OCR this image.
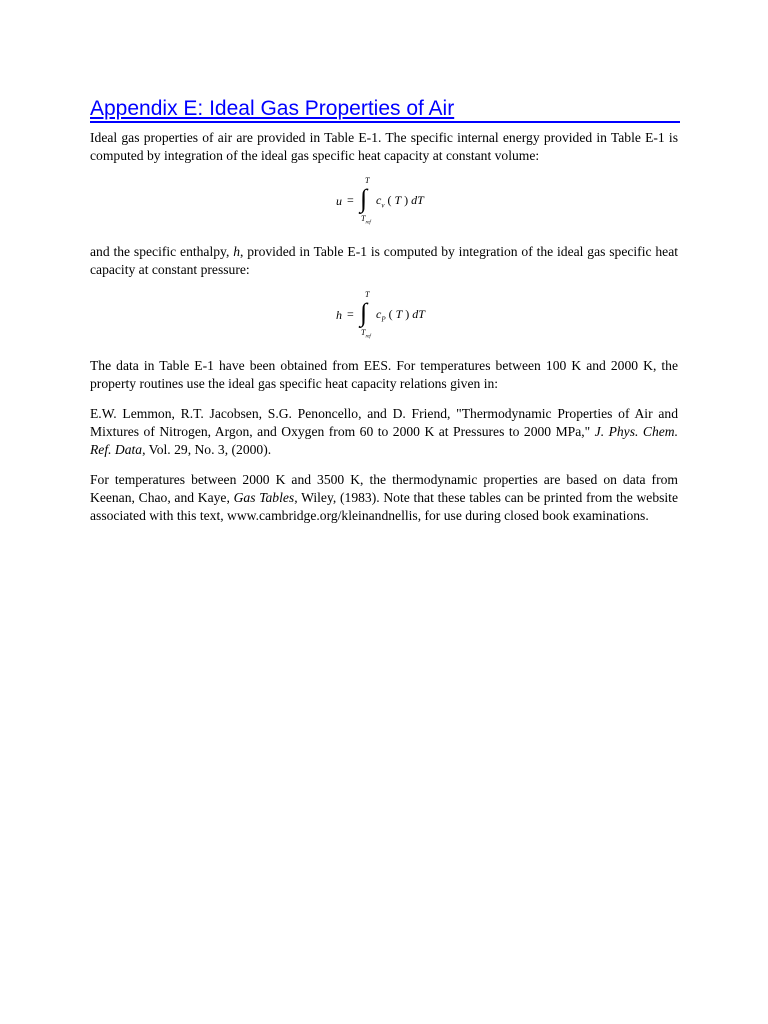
Appendix E: Ideal Gas Properties of Air

Ideal gas properties of air are provided in Table E-1. The specific internal energy provided in Table E-1 is computed by integration of the ideal gas specific heat capacity at constant volume:

u = ∫
T
$T_{ref}$
$c_v$ ( T ) dT

and the specific enthalpy, h, provided in Table E-1 is computed by integration of the ideal gas specific heat capacity at constant pressure:

h = ∫
T
$T_{ref}$
$c_P$ ( T ) dT

The data in Table E-1 have been obtained from EES. For temperatures between 100 K and 2000 K, the property routines use the ideal gas specific heat capacity relations given in:

E.W. Lemmon, R.T. Jacobsen, S.G. Penoncello, and D. Friend, "Thermodynamic Properties of Air and Mixtures of Nitrogen, Argon, and Oxygen from 60 to 2000 K at Pressures to 2000 MPa," J. Phys. Chem. Ref. Data, Vol. 29, No. 3, (2000).

For temperatures between 2000 K and 3500 K, the thermodynamic properties are based on data from Keenan, Chao, and Kaye, Gas Tables, Wiley, (1983). Note that these tables can be printed from the website associated with this text, www.cambridge.org/kleinandnellis, for use during closed book examinations.
